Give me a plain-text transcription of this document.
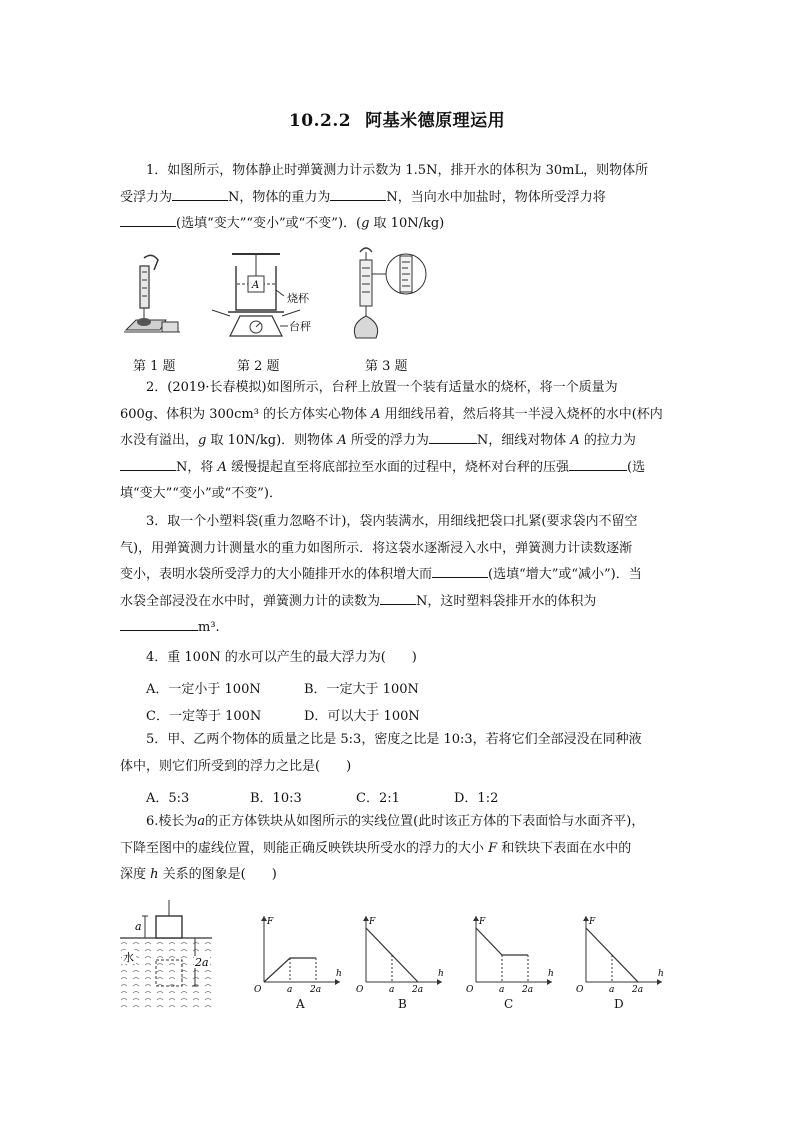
10.2.2 阿基米德原理运用
1．如图所示，物体静止时弹簧测力计示数为 1.5N，排开水的体积为 30mL，则物体所
受浮力为	N，物体的重力为	N，当向水中加盐时，物体所受浮力将
(选填“变大”“变小”或“不变”)．(g 取 10N/kg)
第 1 题
A
烧杯
台秤
第 2 题	第 3 题
2．(2019·长春模拟)如图所示，台秤上放置一个装有适量水的烧杯，将一个质量为
600g、体积为 300cm³ 的长方体实心物体 A 用细线吊着，然后将其一半浸入烧杯的水中(杯内
水没有溢出，g 取 10N/kg)．则物体 A 所受的浮力为	N，细线对物体 A 的拉力为
N，将 A 缓慢提起直至将底部拉至水面的过程中，烧杯对台秤的压强	(选
填“变大”“变小”或“不变”)．
3．取一个小塑料袋(重力忽略不计)，袋内装满水，用细线把袋口扎紧(要求袋内不留空
气)，用弹簧测力计测量水的重力如图所示．将这袋水逐渐浸入水中，弹簧测力计读数逐渐
变小，表明水袋所受浮力的大小随排开水的体积增大而	(选填“增大”或“减小”)．当
水袋全部浸没在水中时，弹簧测力计的读数为	N，这时塑料袋排开水的体积为
m³.
4．重 100N 的水可以产生的最大浮力为(　　)
A．一定小于 100N	B．一定大于 100N
C．一定等于 100N	D．可以大于 100N
5．甲、乙两个物体的质量之比是 5:3，密度之比是 10:3，若将它们全部浸没在同种液
体中，则它们所受到的浮力之比是(　　)
A．5:3	B．10:3	C．2:1	D．1:2
6.棱长为a的正方体铁块从如图所示的实线位置(此时该正方体的下表面恰与水面齐平)，
下降至图中的虚线位置，则能正确反映铁块所受水的浮力的大小 F 和铁块下表面在水中的
深度 h 关系的图象是(　　)
a
2a
水
F
h
O	a 2a
A
F
h
O	a 2a
B
F
h
O	a 2a
C
F
h
O	a 2a
D
